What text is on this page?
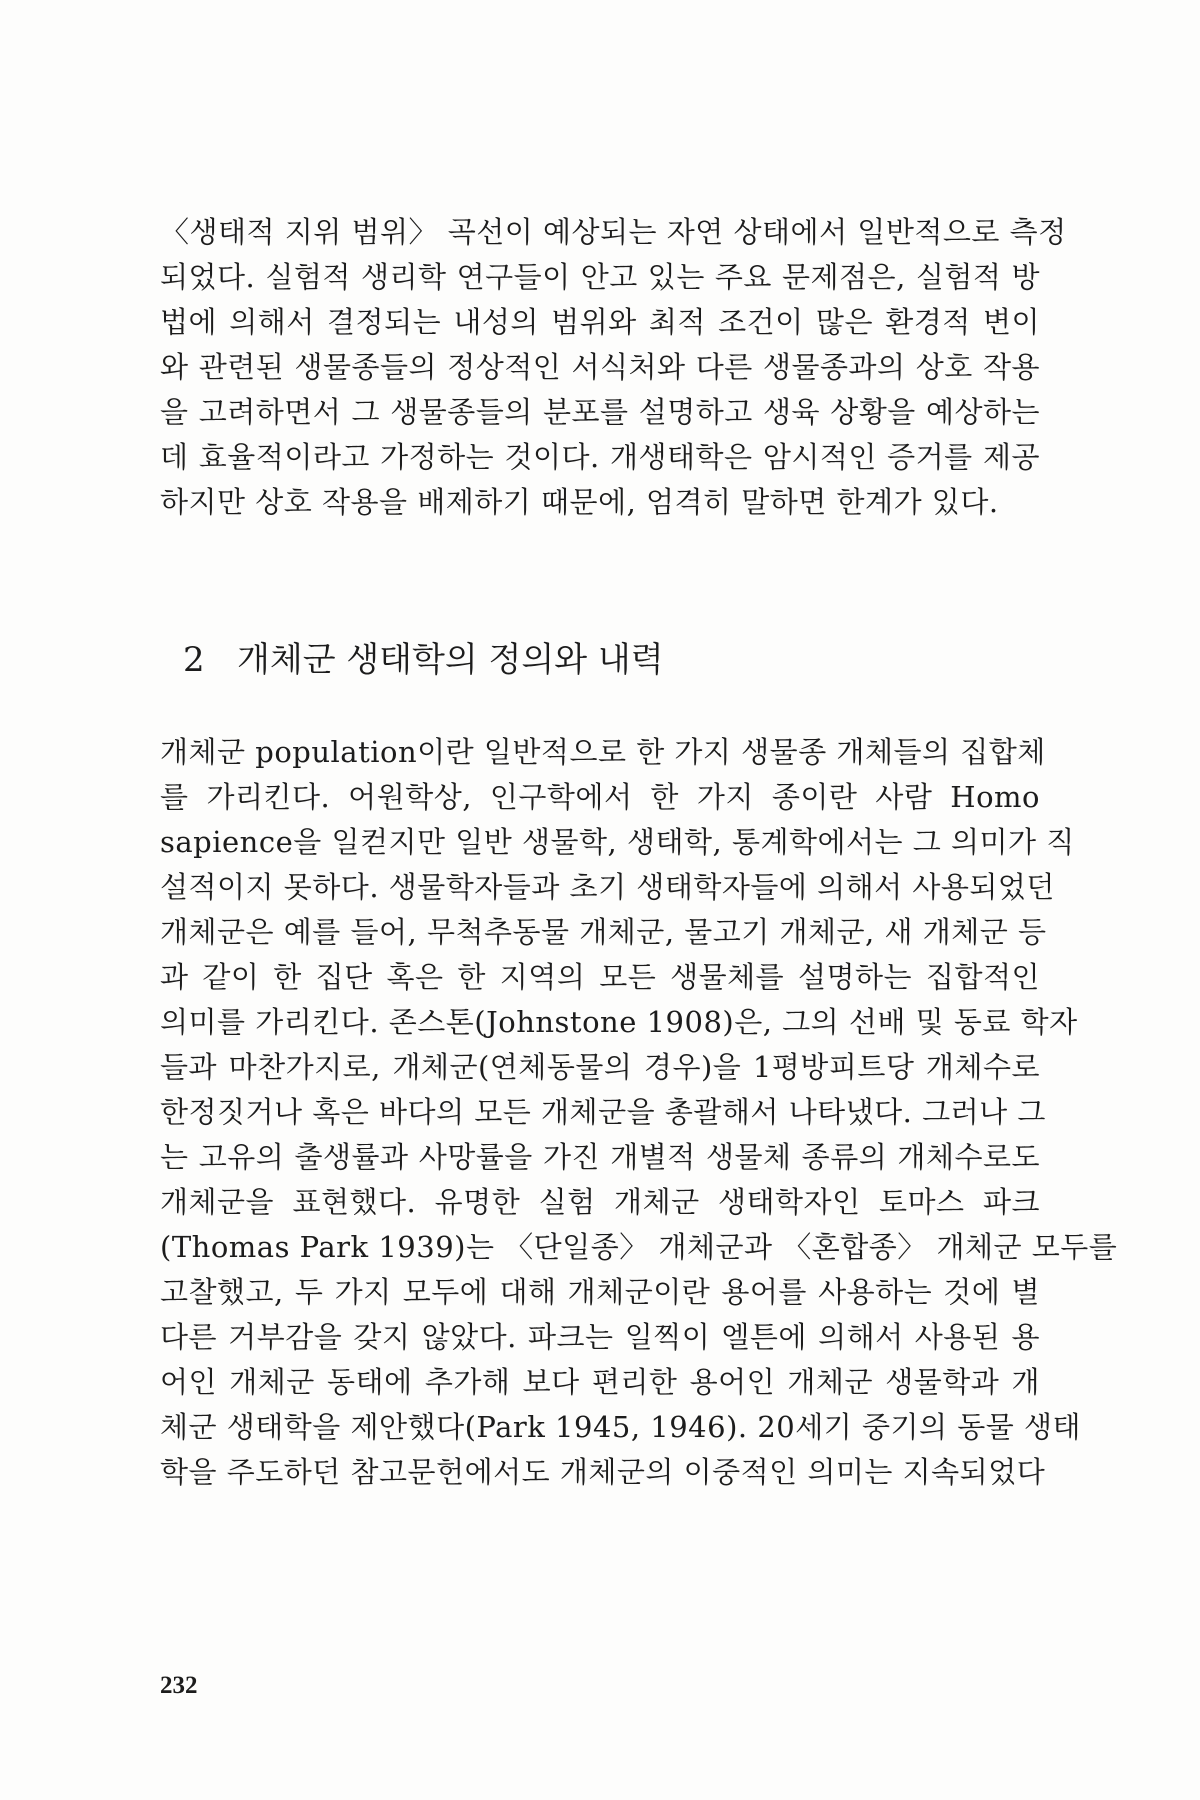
〈생태적 지위 범위〉 곡선이 예상되는 자연 상태에서 일반적으로 측정
되었다. 실험적 생리학 연구들이 안고 있는 주요 문제점은, 실험적 방
법에 의해서 결정되는 내성의 범위와 최적 조건이 많은 환경적 변이
와 관련된 생물종들의 정상적인 서식처와 다른 생물종과의 상호 작용
을 고려하면서 그 생물종들의 분포를 설명하고 생육 상황을 예상하는
데 효율적이라고 가정하는 것이다. 개생태학은 암시적인 증거를 제공
하지만 상호 작용을 배제하기 때문에, 엄격히 말하면 한계가 있다.
2 개체군 생태학의 정의와 내력
개체군 population이란 일반적으로 한 가지 생물종 개체들의 집합체
를 가리킨다. 어원학상, 인구학에서 한 가지 종이란 사람 Homo
sapience을 일컫지만 일반 생물학, 생태학, 통계학에서는 그 의미가 직
설적이지 못하다. 생물학자들과 초기 생태학자들에 의해서 사용되었던
개체군은 예를 들어, 무척추동물 개체군, 물고기 개체군, 새 개체군 등
과 같이 한 집단 혹은 한 지역의 모든 생물체를 설명하는 집합적인
의미를 가리킨다. 존스톤(Johnstone 1908)은, 그의 선배 및 동료 학자
들과 마찬가지로, 개체군(연체동물의 경우)을 1평방피트당 개체수로
한정짓거나 혹은 바다의 모든 개체군을 총괄해서 나타냈다. 그러나 그
는 고유의 출생률과 사망률을 가진 개별적 생물체 종류의 개체수로도
개체군을 표현했다. 유명한 실험 개체군 생태학자인 토마스 파크
(Thomas Park 1939)는 〈단일종〉 개체군과 〈혼합종〉 개체군 모두를
고찰했고, 두 가지 모두에 대해 개체군이란 용어를 사용하는 것에 별
다른 거부감을 갖지 않았다. 파크는 일찍이 엘튼에 의해서 사용된 용
어인 개체군 동태에 추가해 보다 편리한 용어인 개체군 생물학과 개
체군 생태학을 제안했다(Park 1945, 1946). 20세기 중기의 동물 생태
학을 주도하던 참고문헌에서도 개체군의 이중적인 의미는 지속되었다
232
